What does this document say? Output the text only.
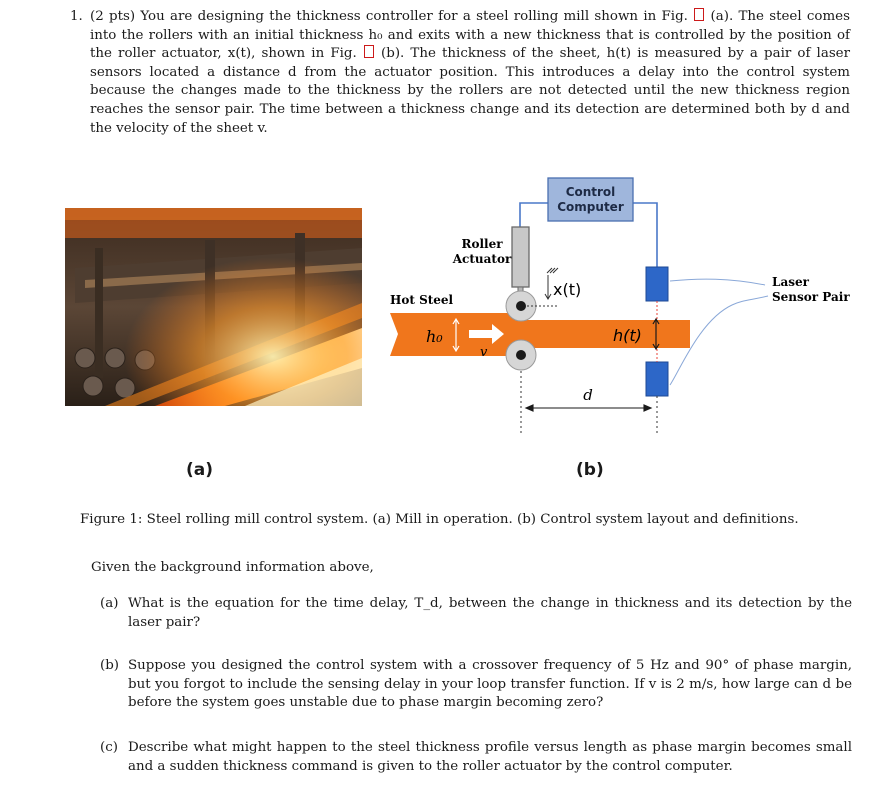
1. (2 pts) You are designing the thickness controller for a steel rolling mill shown in Fig. (a). The steel comes into the rollers with an initial thickness h₀ and exits with a new thickness that is controlled by the position of the roller actuator, x(t), shown in Fig. (b). The thickness of the sheet, h(t) is measured by a pair of laser sensors located a distance d from the actuator position. This introduces a delay into the control system because the changes made to the thickness by the rollers are not detected until the new thickness region reaches the sensor pair. The time between a thickness change and its detection are determined both by d and the velocity of the sheet v.
Control
Computer
Roller
Actuator
x(t)
Hot Steel
h₀
v
h(t)
Laser
Sensor Pair
d
(a)	(b)
Figure 1: Steel rolling mill control system. (a) Mill in operation. (b) Control system layout and definitions.
Given the background information above,
(a) What is the equation for the time delay, T_d, between the change in thickness and its detection by the laser pair?
(b) Suppose you designed the control system with a crossover frequency of 5 Hz and 90° of phase margin, but you forgot to include the sensing delay in your loop transfer function. If v is 2 m/s, how large can d be before the system goes unstable due to phase margin becoming zero?
(c) Describe what might happen to the steel thickness profile versus length as phase margin becomes small and a sudden thickness command is given to the roller actuator by the control computer.
